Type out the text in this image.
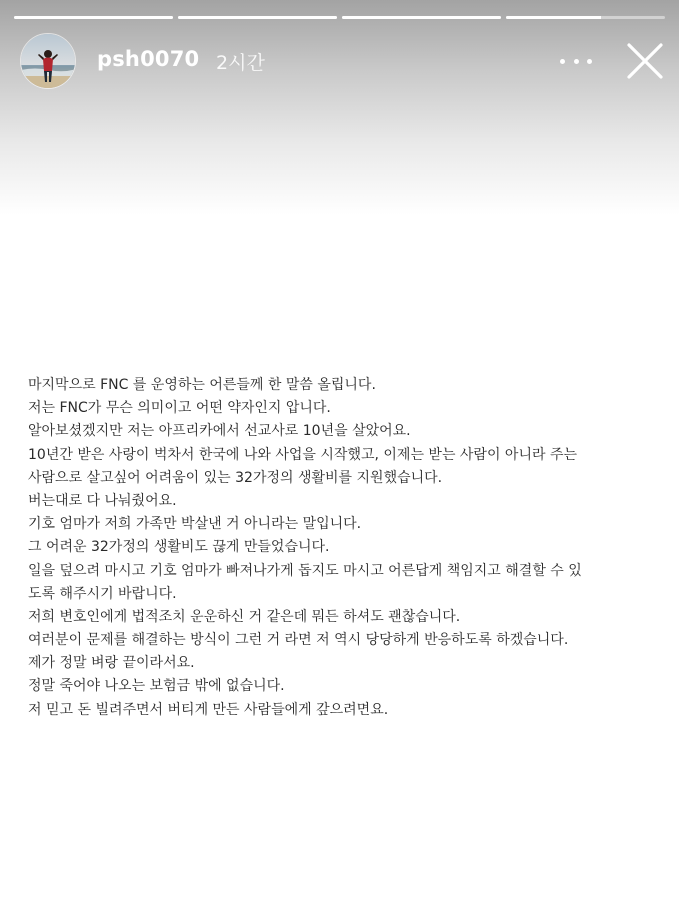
psh0070 2시간
마지막으로 FNC 를 운영하는 어른들께 한 말씀 올립니다.
저는 FNC가 무슨 의미이고 어떤 약자인지 압니다.
알아보셨겠지만 저는 아프리카에서 선교사로 10년을 살았어요.
10년간 받은 사랑이 벅차서 한국에 나와 사업을 시작했고, 이제는 받는 사람이 아니라 주는
사람으로 살고싶어 어려움이 있는 32가정의 생활비를 지원했습니다.
버는대로 다 나눠줬어요.
기호 엄마가 저희 가족만 박살낸 거 아니라는 말입니다.
그 어려운 32가정의 생활비도 끊게 만들었습니다.
일을 덮으려 마시고 기호 엄마가 빠져나가게 돕지도 마시고 어른답게 책임지고 해결할 수 있
도록 해주시기 바랍니다.
저희 변호인에게 법적조치 운운하신 거 같은데 뭐든 하셔도 괜찮습니다.
여러분이 문제를 해결하는 방식이 그런 거 라면 저 역시 당당하게 반응하도록 하겠습니다.
제가 정말 벼랑 끝이라서요.
정말 죽어야 나오는 보험금 밖에 없습니다.
저 믿고 돈 빌려주면서 버티게 만든 사람들에게 갚으려면요.
